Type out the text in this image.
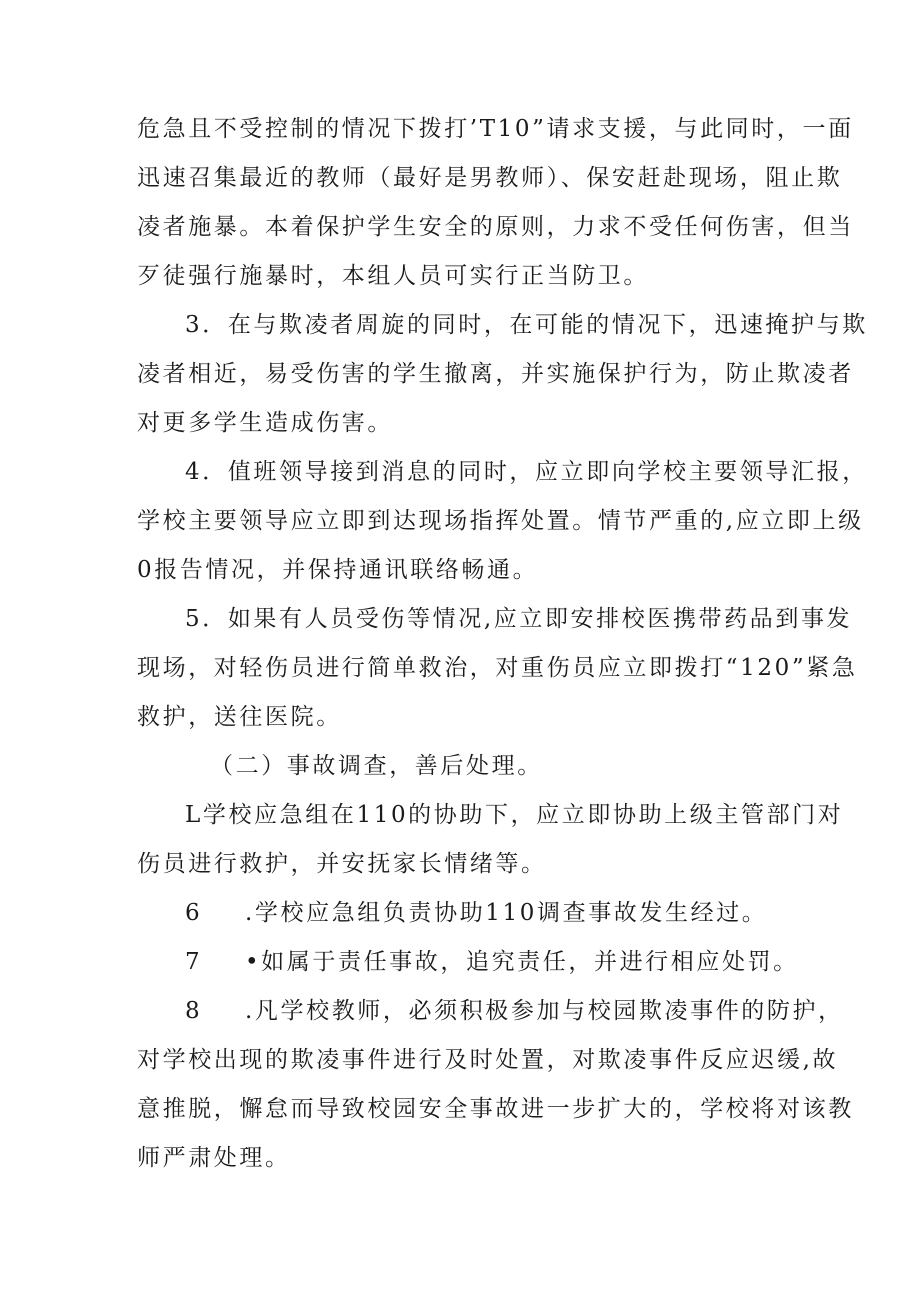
危急且不受控制的情况下拨打’T10”请求支援，与此同时，一面
迅速召集最近的教师（最好是男教师）、保安赶赴现场，阻止欺
凌者施暴。本着保护学生安全的原则，力求不受任何伤害，但当
歹徒强行施暴时，本组人员可实行正当防卫。
3．在与欺凌者周旋的同时，在可能的情况下，迅速掩护与欺
凌者相近，易受伤害的学生撤离，并实施保护行为，防止欺凌者
对更多学生造成伤害。
4．值班领导接到消息的同时，应立即向学校主要领导汇报，
学校主要领导应立即到达现场指挥处置。情节严重的,应立即上级
0报告情况，并保持通讯联络畅通。
5．如果有人员受伤等情况,应立即安排校医携带药品到事发
现场，对轻伤员进行简单救治，对重伤员应立即拨打“120”紧急
救护，送往医院。
（二）事故调查，善后处理。
L学校应急组在110的协助下，应立即协助上级主管部门对
伤员进行救护，并安抚家长情绪等。
6 .学校应急组负责协助110调查事故发生经过。
7 •如属于责任事故，追究责任，并进行相应处罚。
8 .凡学校教师，必须积极参加与校园欺凌事件的防护，
对学校出现的欺凌事件进行及时处置，对欺凌事件反应迟缓,故
意推脱，懈怠而导致校园安全事故进一步扩大的，学校将对该教
师严肃处理。
